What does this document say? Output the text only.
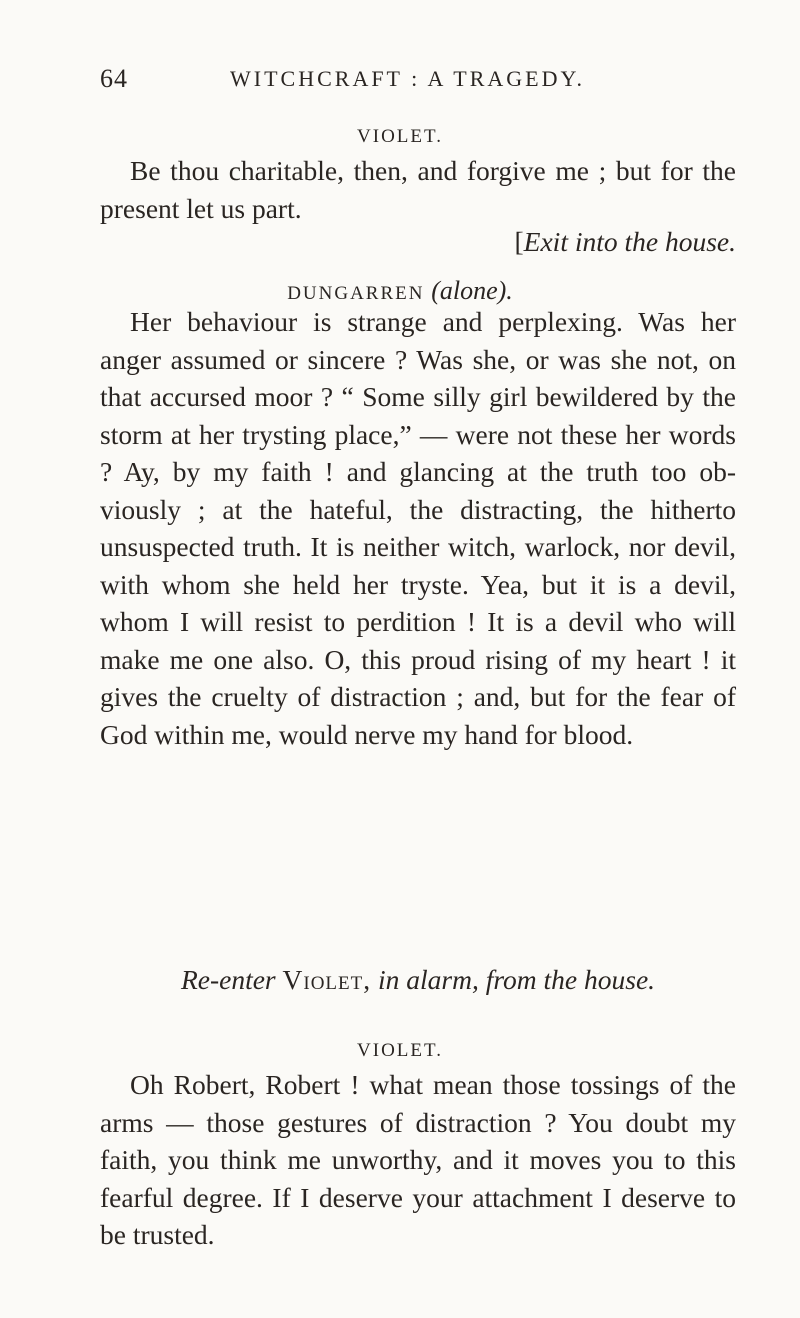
64	WITCHCRAFT : A TRAGEDY.
VIOLET.

Be thou charitable, then, and forgive me ; but for the present let us part.

[Exit into the house.
DUNGARREN (alone).

Her behaviour is strange and perplexing. Was her anger assumed or sincere ? Was she, or was she not, on that accursed moor ? “ Some silly girl bewildered by the storm at her trysting place,” — were not these her words ? Ay, by my faith ! and glancing at the truth too ob-viously ; at the hateful, the distracting, the hitherto unsuspected truth. It is neither witch, warlock, nor devil, with whom she held her tryste. Yea, but it is a devil, whom I will resist to perdition ! It is a devil who will make me one also. O, this proud rising of my heart ! it gives the cruelty of distraction ; and, but for the fear of God within me, would nerve my hand for blood.

Re-enter Violet, in alarm, from the house.
VIOLET.

Oh Robert, Robert ! what mean those tossings of the arms — those gestures of distraction ? You doubt my faith, you think me unworthy, and it moves you to this fearful degree. If I deserve your attachment I deserve to be trusted.
